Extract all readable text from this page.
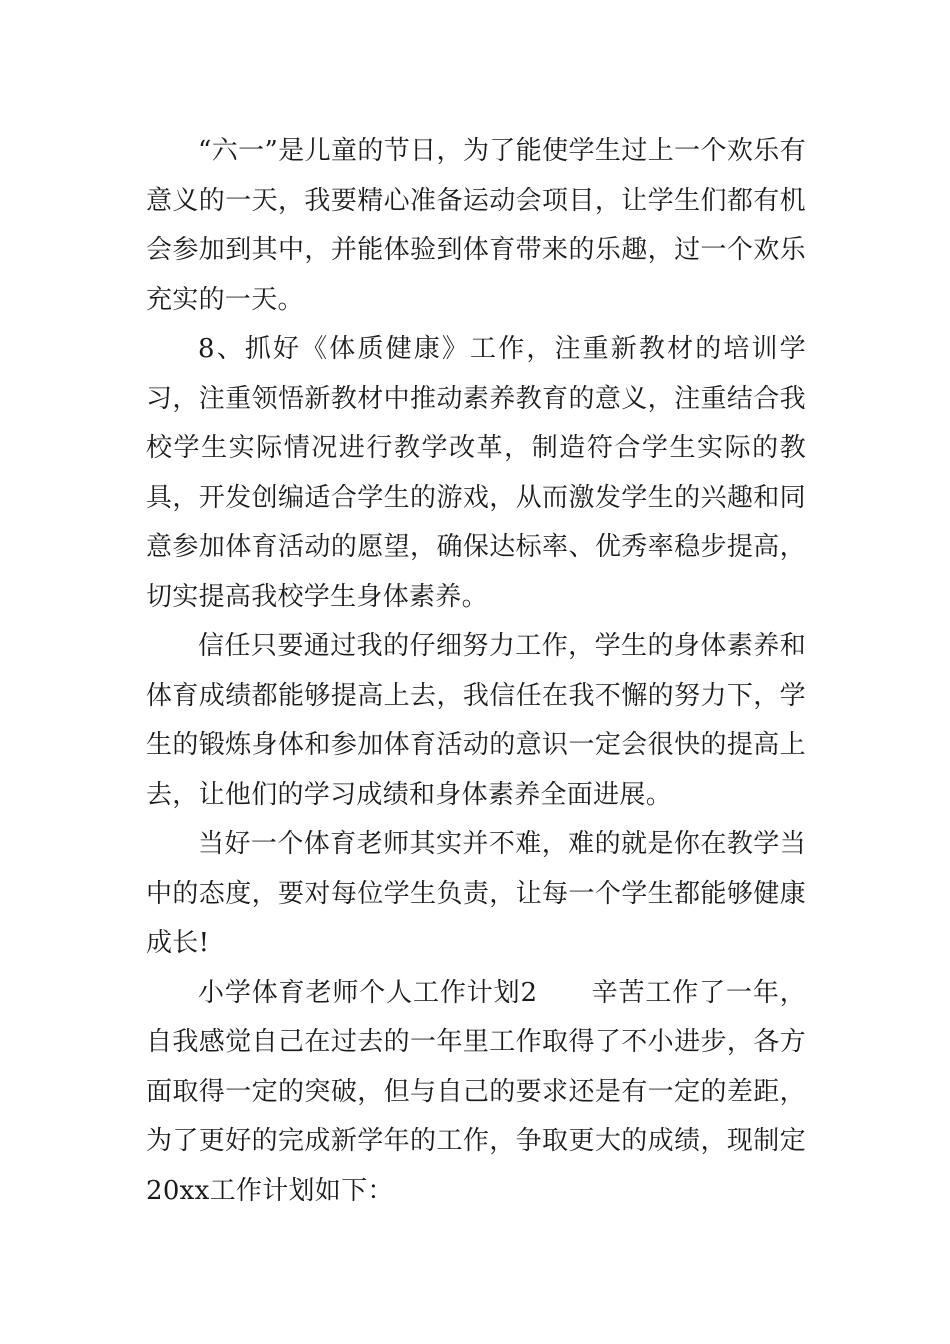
“六一”是儿童的节日，为了能使学生过上一个欢乐有意义的一天，我要精心准备运动会项目，让学生们都有机会参加到其中，并能体验到体育带来的乐趣，过一个欢乐充实的一天。

8、抓好《体质健康》工作，注重新教材的培训学习，注重领悟新教材中推动素养教育的意义，注重结合我校学生实际情况进行教学改革，制造符合学生实际的教具，开发创编适合学生的游戏，从而激发学生的兴趣和同意参加体育活动的愿望，确保达标率、优秀率稳步提高，切实提高我校学生身体素养。

信任只要通过我的仔细努力工作，学生的身体素养和体育成绩都能够提高上去，我信任在我不懈的努力下，学生的锻炼身体和参加体育活动的意识一定会很快的提高上去，让他们的学习成绩和身体素养全面进展。

当好一个体育老师其实并不难，难的就是你在教学当中的态度，要对每位学生负责，让每一个学生都能够健康成长!

小学体育老师个人工作计划2　　辛苦工作了一年，自我感觉自己在过去的一年里工作取得了不小进步，各方面取得一定的突破，但与自己的要求还是有一定的差距，为了更好的完成新学年的工作，争取更大的成绩，现制定20xx工作计划如下：
